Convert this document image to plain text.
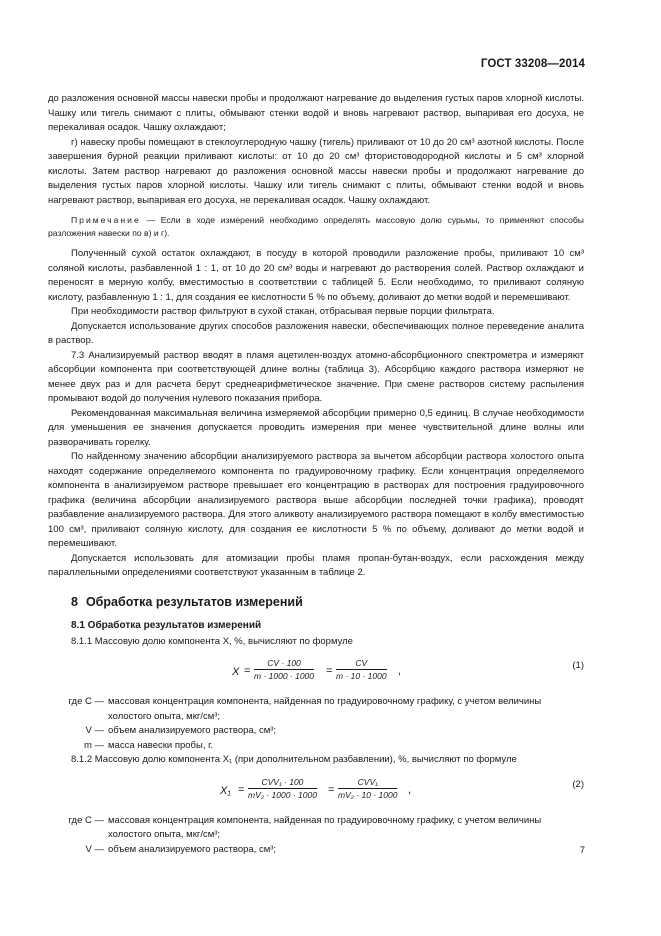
ГОСТ 33208—2014

до разложения основной массы навески пробы и продолжают нагревание до выделения густых паров хлорной кислоты. Чашку или тигель снимают с плиты, обмывают стенки водой и вновь нагревают раствор, выпаривая его досуха, не перекаливая осадок. Чашку охлаждают;

г) навеску пробы помещают в стеклоуглеродную чашку (тигель) приливают от 10 до 20 см³ азотной кислоты. После завершения бурной реакции приливают кислоты: от 10 до 20 см³ фтористоводородной кислоты и 5 см³ хлорной кислоты. Затем раствор нагревают до разложения основной массы навески пробы и продолжают нагревание до выделения густых паров хлорной кислоты. Чашку или тигель снимают с плиты, обмывают стенки водой и вновь нагревают раствор, выпаривая его досуха, не перекаливая осадок. Чашку охлаждают.

Примечание — Если в ходе измерений необходимо определять массовую долю сурьмы, то применяют способы разложения навески по в) и г).

Полученный сухой остаток охлаждают, в посуду в которой проводили разложение пробы, приливают 10 см³ соляной кислоты, разбавленной 1 : 1, от 10 до 20 см³ воды и нагревают до растворения солей. Раствор охлаждают и переносят в мерную колбу, вместимостью в соответствии с таблицей 5. Если необходимо, то приливают соляную кислоту, разбавленную 1 : 1, для создания ее кислотности 5 % по объему, доливают до метки водой и перемешивают.

При необходимости раствор фильтруют в сухой стакан, отбрасывая первые порции фильтрата.

Допускается использование других способов разложения навески, обеспечивающих полное переведение аналита в раствор.

7.3 Анализируемый раствор вводят в пламя ацетилен-воздух атомно-абсорбционного спектрометра и измеряют абсорбции компонента при соответствующей длине волны (таблица 3). Абсорбцию каждого раствора измеряют не менее двух раз и для расчета берут среднеарифметическое значение. При смене растворов систему распыления промывают водой до получения нулевого показания прибора.

Рекомендованная максимальная величина измеряемой абсорбции примерно 0,5 единиц. В случае необходимости для уменьшения ее значения допускается проводить измерения при менее чувствительной длине волны или разворачивать горелку.

По найденному значению абсорбции анализируемого раствора за вычетом абсорбции раствора холостого опыта находят содержание определяемого компонента по градуировочному графику. Если концентрация определяемого компонента в анализируемом растворе превышает его концентрацию в растворах для построения градуировочного графика (величина абсорбции анализируемого раствора выше абсорбции последней точки графика), проводят разбавление анализируемого раствора. Для этого аликвоту анализируемого раствора помещают в колбу вместимостью 100 см³, приливают соляную кислоту, для создания ее кислотности 5 % по объему, доливают до метки водой и перемешивают.

Допускается использовать для атомизации пробы пламя пропан-бутан-воздух, если расхождения между параллельными определениями соответствуют указанным в таблице 2.

8 Обработка результатов измерений
8.1 Обработка результатов измерений

8.1.1 Массовую долю компонента X, %, вычисляют по формуле

$X = \frac{CV \cdot 100}{m \cdot 1000 \cdot 1000} = \frac{CV}{m \cdot 10 \cdot 1000}$ ,	(1)
где C — массовая концентрация компонента, найденная по градуировочному графику, с учетом величины холостого опыта, мкг/см³;
V — объем анализируемого раствора, см³;
m — масса навески пробы, г.

8.1.2 Массовую долю компонента X₁ (при дополнительном разбавлении), %, вычисляют по формуле

X₁ =
CVV₁ · 100
mV₂ · 1000 · 1000 =
CVV₁
mV₂ · 10 · 1000 ,	(2)
где C — массовая концентрация компонента, найденная по градуировочному графику, с учетом величины холостого опыта, мкг/см³;
V — объем анализируемого раствора, см³;	7
